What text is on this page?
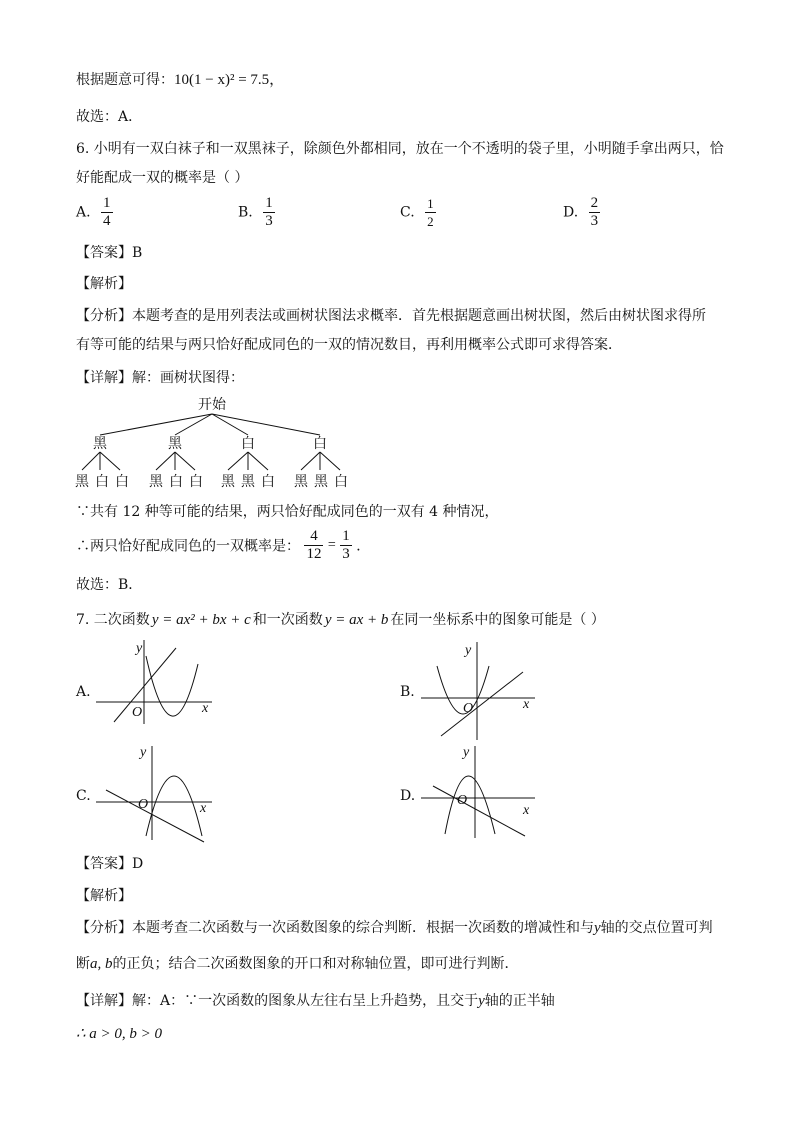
根据题意可得：10(1 − x)² = 7.5，
故选：A．
6. 小明有一双白袜子和一双黑袜子，除颜色外都相同，放在一个不透明的袋子里，小明随手拿出两只，恰
好能配成一双的概率是（ ）
A. $\frac{1}{4}$	B. $\frac{1}{3}$	C. $\frac{1}{2}$	D. $\frac{2}{3}$
【答案】B
【解析】
【分析】本题考查的是用列表法或画树状图法求概率．首先根据题意画出树状图，然后由树状图求得所
有等可能的结果与两只恰好配成同色的一双的情况数目，再利用概率公式即可求得答案．
【详解】解：画树状图得：
开始
黑	黑	白	白
黑 白 白 黑 白 白 黑 黑 白 黑 黑 白
∵共有 12 种等可能的结果，两只恰好配成同色的一双有 4 种情况，
∴两只恰好配成同色的一双概率是： $\frac{4}{12} = \frac{1}{3}$ ．
故选：B．
7. 二次函数 y = ax² + bx + c 和一次函数 y = ax + b 在同一坐标系中的图象可能是（ ）
A.
y
x
O
B.
y
x
O
C.
y
x
O
D.
y
x
O
【答案】D
【解析】
【分析】本题考查二次函数与一次函数图象的综合判断．根据一次函数的增减性和与y轴的交点位置可判
断a, b的正负；结合二次函数图象的开口和对称轴位置，即可进行判断．
【详解】解：A：∵一次函数的图象从左往右呈上升趋势，且交于y轴的正半轴
∴ a > 0, b > 0
